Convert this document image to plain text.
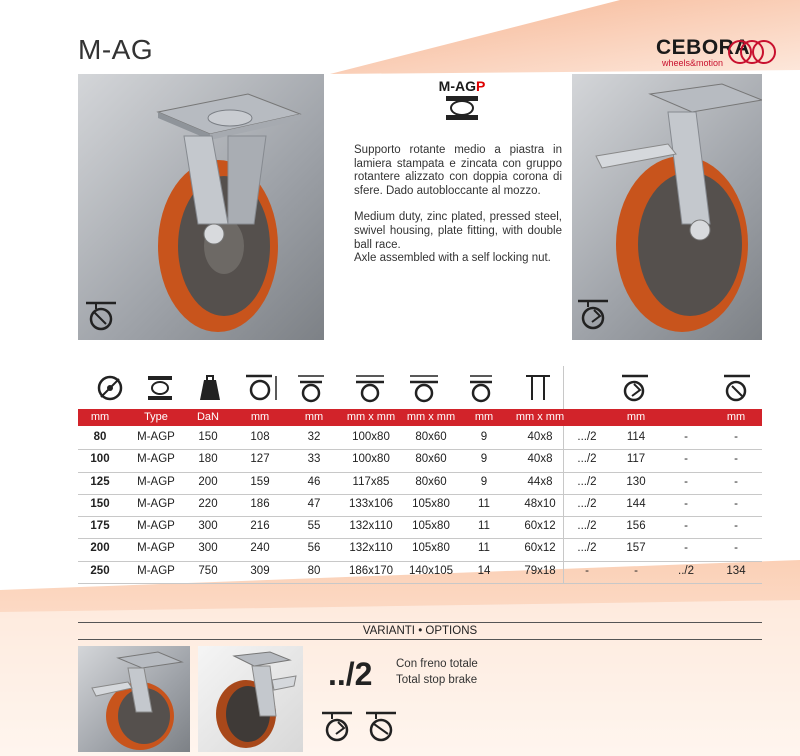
M-AG	CEBORA
wheels&motion
M-AGP

Supporto rotante medio a piastra in lamiera stampata e zincata con gruppo rotantere alizzato con doppia corona di sfere. Dado autobloccante al mozzo.

Medium duty, zinc plated, pressed steel, swivel housing, plate fitting, with double ball race.

Axle assembled with a self locking nut.

mm	Type	DaN	mm	mm	mm x mm	mm x mm	mm	mm x mm	mm	mm
80	M-AGP	150	108	32	100x80	80x60	9	40x8	.../2	114	-	-
100	M-AGP	180	127	33	100x80	80x60	9	40x8	.../2	117	-	-
125	M-AGP	200	159	46	117x85	80x60	9	44x8	.../2	130	-	-
150	M-AGP	220	186	47	133x106	105x80	11	48x10	.../2	144	-	-
175	M-AGP	300	216	55	132x110	105x80	11	60x12	.../2	156	-	-
200	M-AGP	300	240	56	132x110	105x80	11	60x12	.../2	157	-	-
250	M-AGP	750	309	80	186x170	140x105	14	79x18	-	-	../2	134
VARIANTI • OPTIONS
../2 Con freno totale
Total stop brake
